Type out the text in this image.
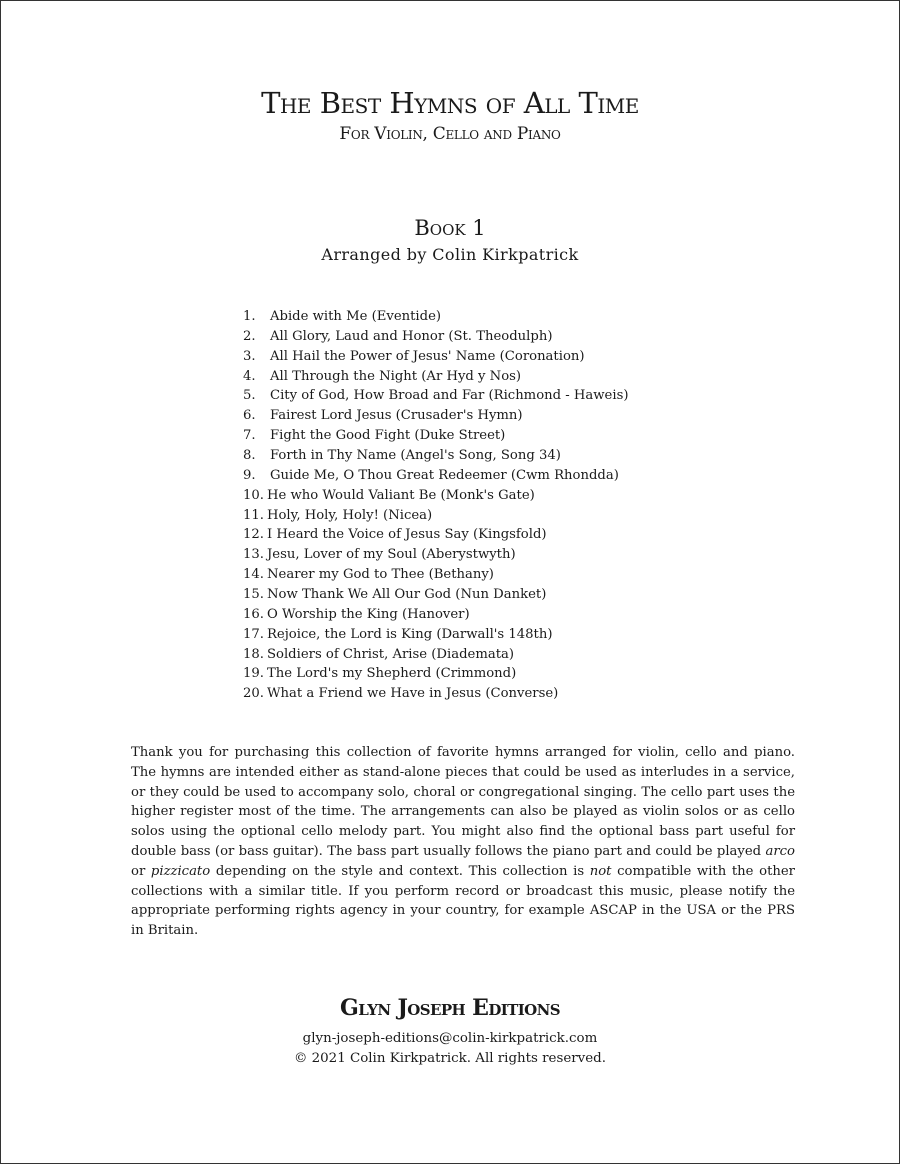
The Best Hymns of All Time
For Violin, Cello and Piano
Book 1
Arranged by Colin Kirkpatrick
1. Abide with Me (Eventide)
2. All Glory, Laud and Honor (St. Theodulph)
3. All Hail the Power of Jesus' Name (Coronation)
4. All Through the Night (Ar Hyd y Nos)
5. City of God, How Broad and Far (Richmond - Haweis)
6. Fairest Lord Jesus (Crusader's Hymn)
7. Fight the Good Fight (Duke Street)
8. Forth in Thy Name (Angel's Song, Song 34)
9. Guide Me, O Thou Great Redeemer (Cwm Rhondda)
10. He who Would Valiant Be (Monk's Gate)
11. Holy, Holy, Holy! (Nicea)
12. I Heard the Voice of Jesus Say (Kingsfold)
13. Jesu, Lover of my Soul (Aberystwyth)
14. Nearer my God to Thee (Bethany)
15. Now Thank We All Our God (Nun Danket)
16. O Worship the King (Hanover)
17. Rejoice, the Lord is King (Darwall's 148th)
18. Soldiers of Christ, Arise (Diademata)
19. The Lord's my Shepherd (Crimmond)
20. What a Friend we Have in Jesus (Converse)

Thank you for purchasing this collection of favorite hymns arranged for violin, cello and piano. The hymns are intended either as stand-alone pieces that could be used as interludes in a service, or they could be used to accompany solo, choral or congregational singing. The cello part uses the higher register most of the time. The arrangements can also be played as violin solos or as cello solos using the optional cello melody part. You might also find the optional bass part useful for double bass (or bass guitar). The bass part usually follows the piano part and could be played arco or pizzicato depending on the style and context. This collection is not compatible with the other collections with a similar title. If you perform record or broadcast this music, please notify the appropriate performing rights agency in your country, for example ASCAP in the USA or the PRS in Britain.

Glyn Joseph Editions
glyn-joseph-editions@colin-kirkpatrick.com
© 2021 Colin Kirkpatrick. All rights reserved.
